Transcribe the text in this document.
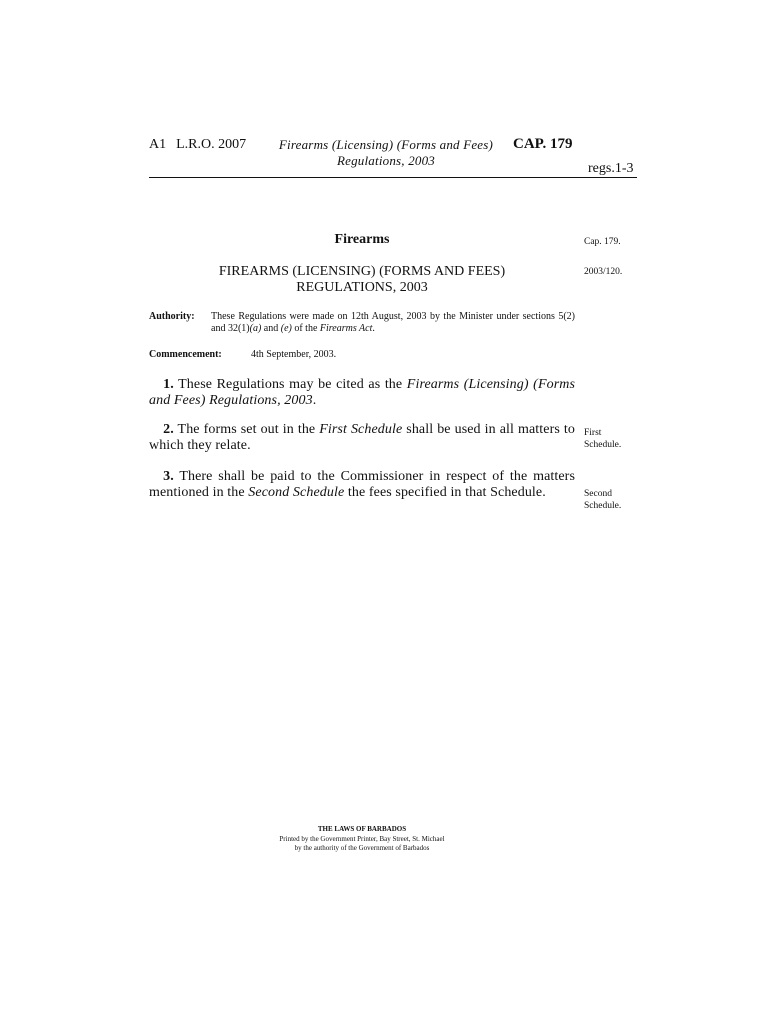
A1 L.R.O. 2007	Firearms (Licensing) (Forms and Fees)
Regulations, 2003
CAP. 179
regs.1-3
Firearms
FIREARMS (LICENSING) (FORMS AND FEES)
REGULATIONS, 2003
Authority: These Regulations were made on 12th August, 2003 by the Minister under sections 5(2) and 32(1)(a) and (e) of the Firearms Act.
Commencement:	4th September, 2003.
 1. These Regulations may be cited as the Firearms (Licensing) (Forms and Fees) Regulations, 2003.
 2. The forms set out in the First Schedule shall be used in all matters to which they relate.
 3. There shall be paid to the Commissioner in respect of the matters mentioned in the Second Schedule the fees specified in that Schedule.
Cap. 179.
2003/120.
First
Schedule.
Second
Schedule.
THE LAWS OF BARBADOS
Printed by the Government Printer, Bay Street, St. Michael
by the authority of the Government of Barbados
